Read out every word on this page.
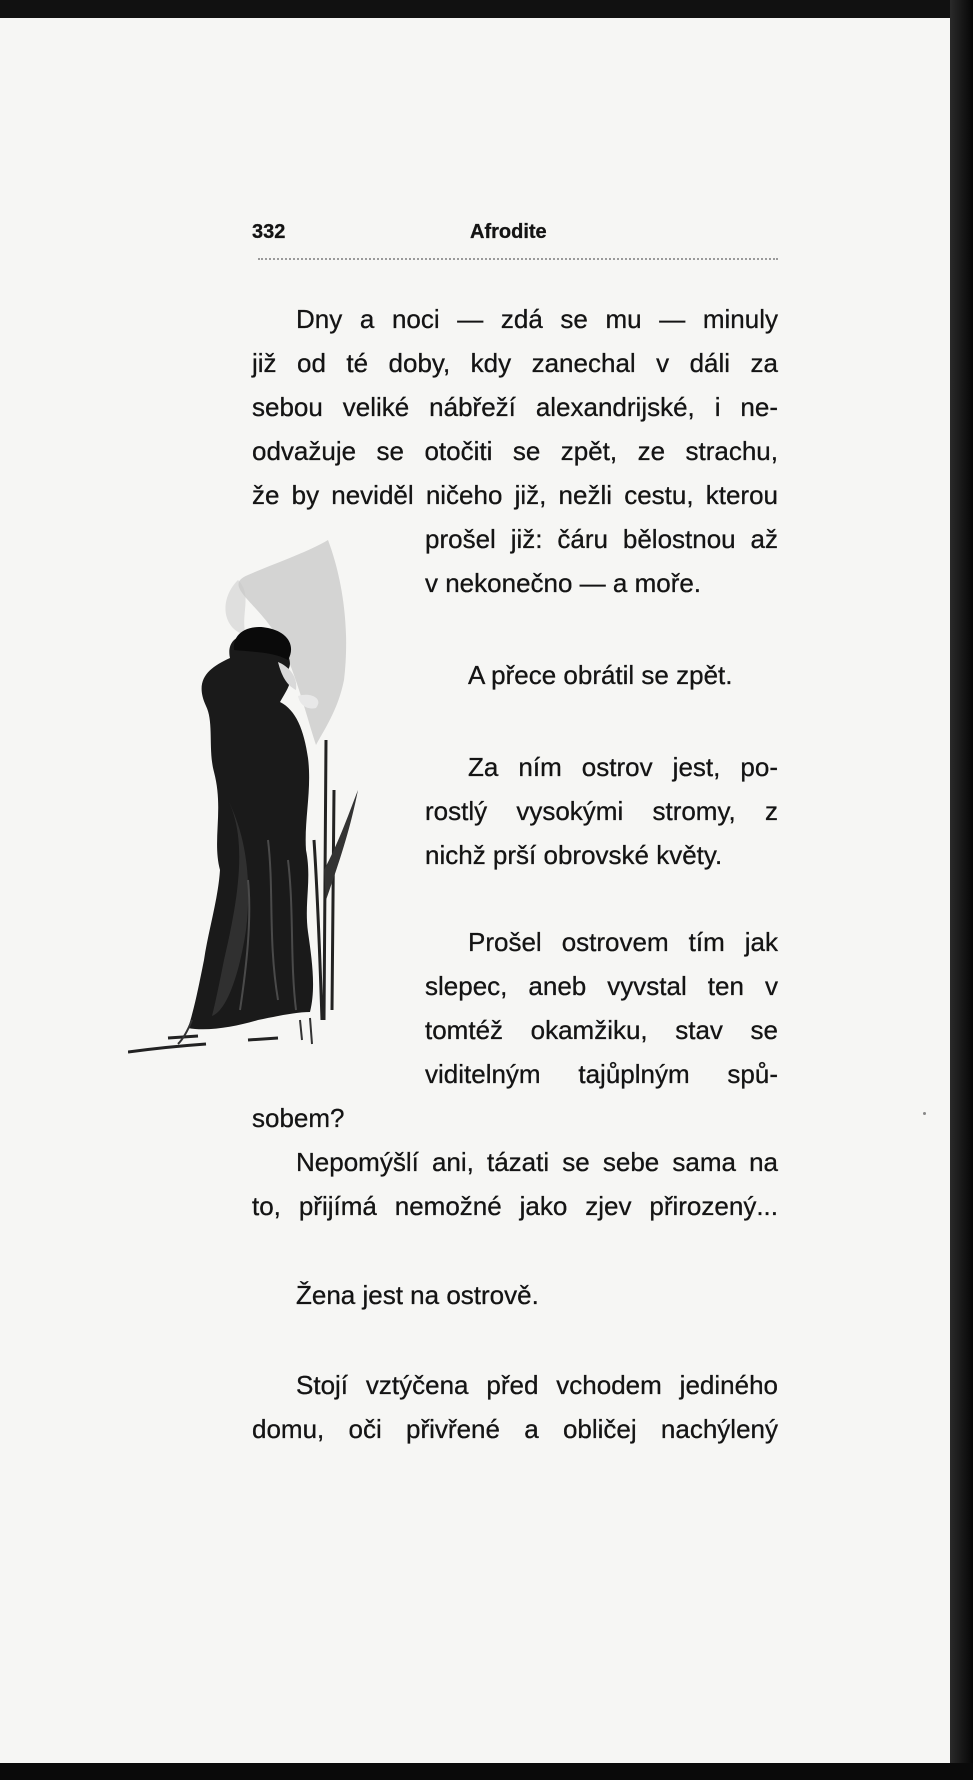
332	Afrodite
Dny a noci — zdá se mu — minuly
již od té doby, kdy zanechal v dáli za
sebou veliké nábřeží alexandrijské, i ne-
odvažuje se otočiti se zpět, ze strachu,
že by neviděl ničeho již, nežli cestu, kterou
prošel již: čáru bělostnou až
v nekonečno — a moře.
A přece obrátil se zpět.
Za ním ostrov jest, po-
rostlý vysokými stromy, z
nichž prší obrovské květy.
Prošel ostrovem tím jak
slepec, aneb vyvstal ten v
tomtéž okamžiku, stav se
viditelným tajůplným spů-
sobem?
Nepomýšlí ani, tázati se sebe sama na
to, přijímá nemožné jako zjev přirozený...
Žena jest na ostrově.
Stojí vztýčena před vchodem jediného
domu, oči přivřené a obličej nachýlený
